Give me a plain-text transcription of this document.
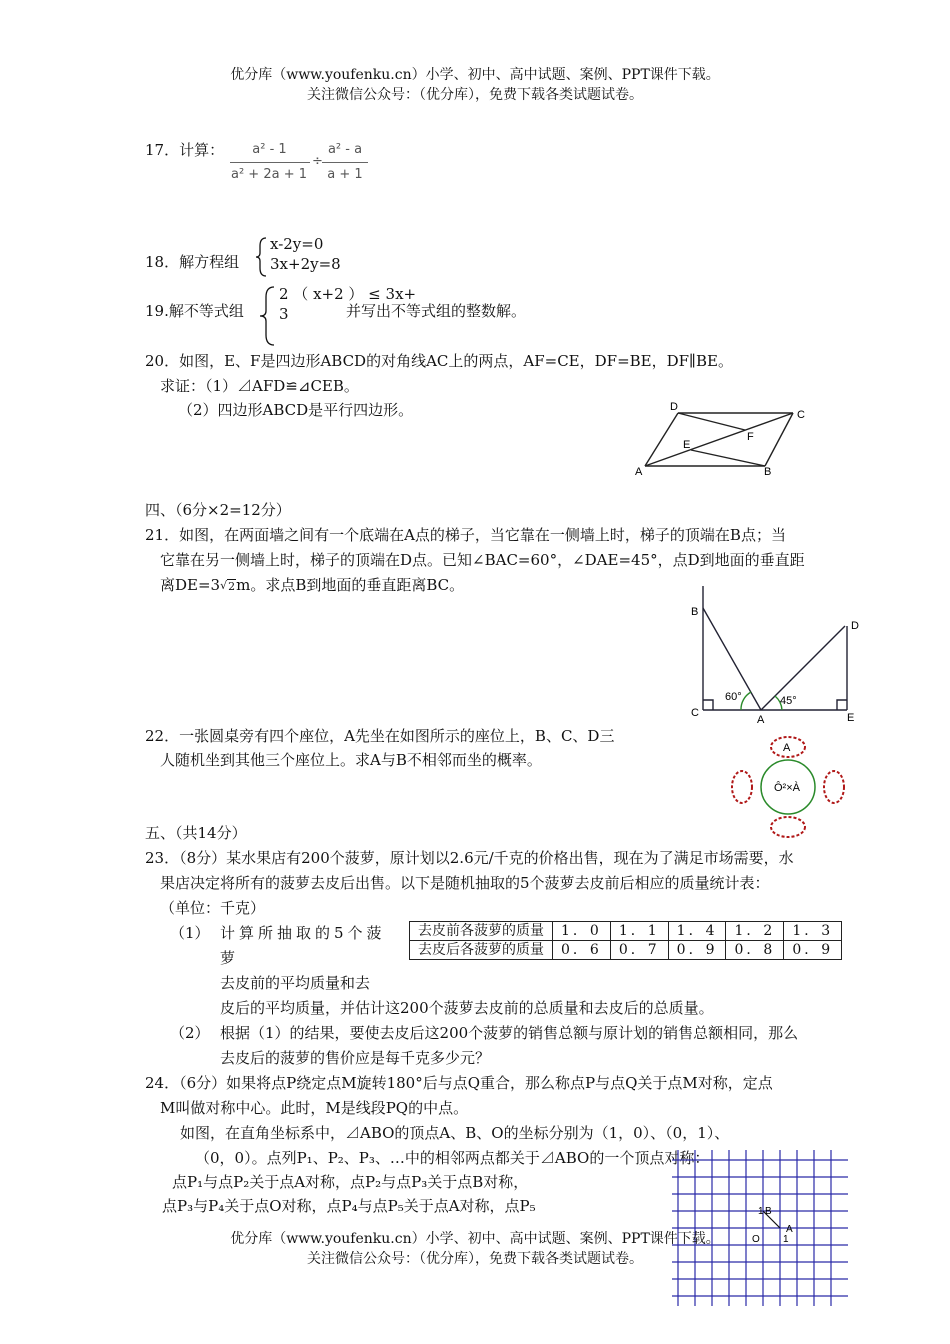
优分库（www.youfenku.cn）小学、初中、高中试题、案例、PPT课件下载。
关注微信公众号：（优分库），免费下载各类试题试卷。
17．计算：	a² - 1
a² + 2a + 1
÷
a² - a
a + 1
18．解方程组
x-2y=0
3x+2y=8
19.解不等式组
2 （ x+2 ） ≤ 3x+
3	并写出不等式组的整数解。
20．如图，E、F是四边形ABCD的对角线AC上的两点，AF=CE，DF=BE，DF∥BE。
求证：（1）⊿AFD≌⊿CEB。
（2）四边形ABCD是平行四边形。
A	B
C
D
E
F
四、（6分×2=12分）
21．如图，在两面墙之间有一个底端在A点的梯子，当它靠在一侧墙上时，梯子的顶端在B点；当
它靠在另一侧墙上时，梯子的顶端在D点。已知∠BAC=60°，∠DAE=45°，点D到地面的垂直距
离DE=3√2m。求点B到地面的垂直距离BC。
B
D
C
A	E
60°	45°
22．一张圆桌旁有四个座位，A先坐在如图所示的座位上，B、C、D三
人随机坐到其他三个座位上。求A与B不相邻而坐的概率。
A
Ô²×À
五、（共14分）
23．（8分）某水果店有200个菠萝，原计划以2.6元/千克的价格出售，现在为了满足市场需要，水
果店决定将所有的菠萝去皮后出售。以下是随机抽取的5个菠萝去皮前后相应的质量统计表：
（单位：千克）
（1） 计算所抽取的5个菠
萝
去皮前的平均质量和去
皮后的平均质量，并估计这200个菠萝去皮前的总质量和去皮后的总质量。
（2） 根据（1）的结果，要使去皮后这200个菠萝的销售总额与原计划的销售总额相同，那么
去皮后的菠萝的售价应是每千克多少元？
去皮前各菠萝的质量	1．0	1．1	1．4	1．2	1．3
去皮后各菠萝的质量	0．6	0．7	0．9	0．8	0．9
24．（6分）如果将点P绕定点M旋转180°后与点Q重合，那么称点P与点Q关于点M对称，定点
M叫做对称中心。此时，M是线段PQ的中点。
如图，在直角坐标系中，⊿ABO的顶点A、B、O的坐标分别为（1，0）、（0，1）、
（0，0）。点列P₁、P₂、P₃、…中的相邻两点都关于⊿ABO的一个顶点对称：
点P₁与点P₂关于点A对称，点P₂与点P₃关于点B对称，
点P₃与P₄关于点O对称，点P₄与点P₅关于点A对称，点P₅	1 B
A
O 1
优分库（www.youfenku.cn）小学、初中、高中试题、案例、PPT课件下载。
关注微信公众号：（优分库），免费下载各类试题试卷。
